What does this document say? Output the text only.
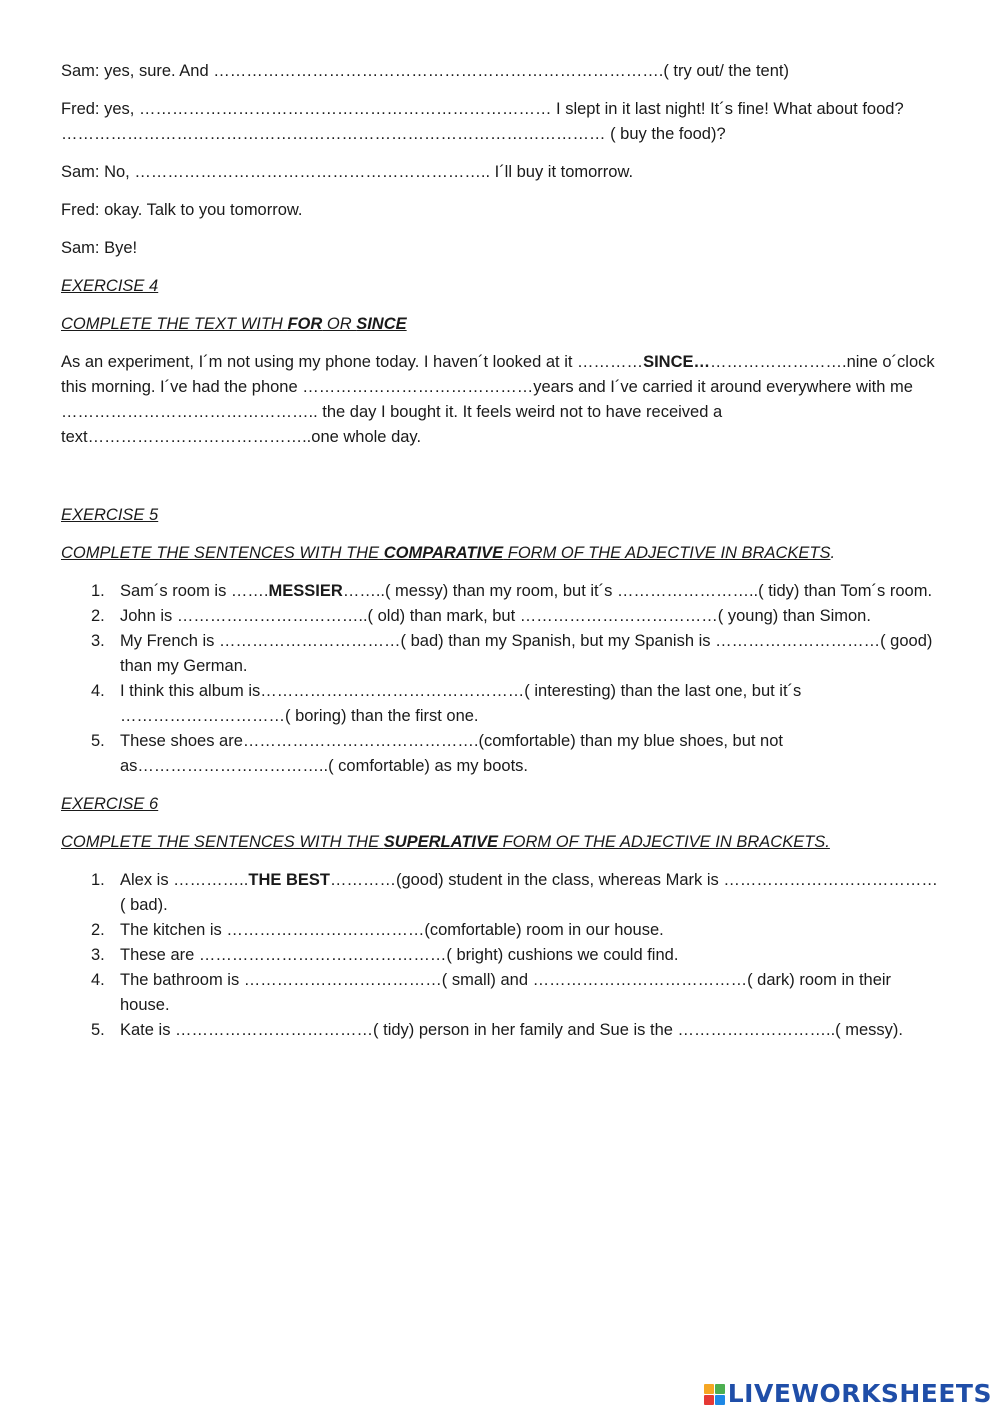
Sam: yes, sure. And ……………………………………………………………………….( try out/ the tent)

Fred: yes, ………………………………………………………………… I slept in it last night! It´s fine! What about food? ……………………………………………………………………………………… ( buy the food)?

Sam: No, ……………………………………………………….. I´ll buy it tomorrow.

Fred: okay. Talk to you tomorrow.

Sam: Bye!

EXERCISE 4

COMPLETE THE TEXT WITH FOR OR SINCE

As an experiment, I´m not using my phone today. I haven´t looked at it …………SINCE……………………….nine o´clock this morning. I´ve had the phone ……………………………………years and I´ve carried it around everywhere with me ……………………………………….. the day I bought it. It feels weird not to have received a text…………………………………..one whole day.

EXERCISE 5

COMPLETE THE SENTENCES WITH THE COMPARATIVE FORM OF THE ADJECTIVE IN BRACKETS.

1. Sam´s room is …….MESSIER……..( messy) than my room, but it´s ……………………..( tidy) than Tom´s room.
2. John is ……………………………..( old) than mark, but ………………………………( young) than Simon.
3. My French is ……………………………( bad) than my Spanish, but my Spanish is …………………………( good) than my German.
4. I think this album is…………………………………………( interesting) than the last one, but it´s …………………………( boring) than the first one.
5. These shoes are…………………………………….(comfortable) than my blue shoes, but not as……………………………..( comfortable) as my boots.

EXERCISE 6

COMPLETE THE SENTENCES WITH THE SUPERLATIVE FORM OF THE ADJECTIVE IN BRACKETS.

1. Alex is …………..THE BEST…………(good) student in the class, whereas Mark is …………………………………( bad).
2. The kitchen is ………………………………(comfortable) room in our house.
3. These are ………………………………………( bright) cushions we could find.
4. The bathroom is ………………………………( small) and …………………………………( dark) room in their house.
5. Kate is ………………………………( tidy) person in her family and Sue is the ………………………..( messy).
LIVEWORKSHEETS
